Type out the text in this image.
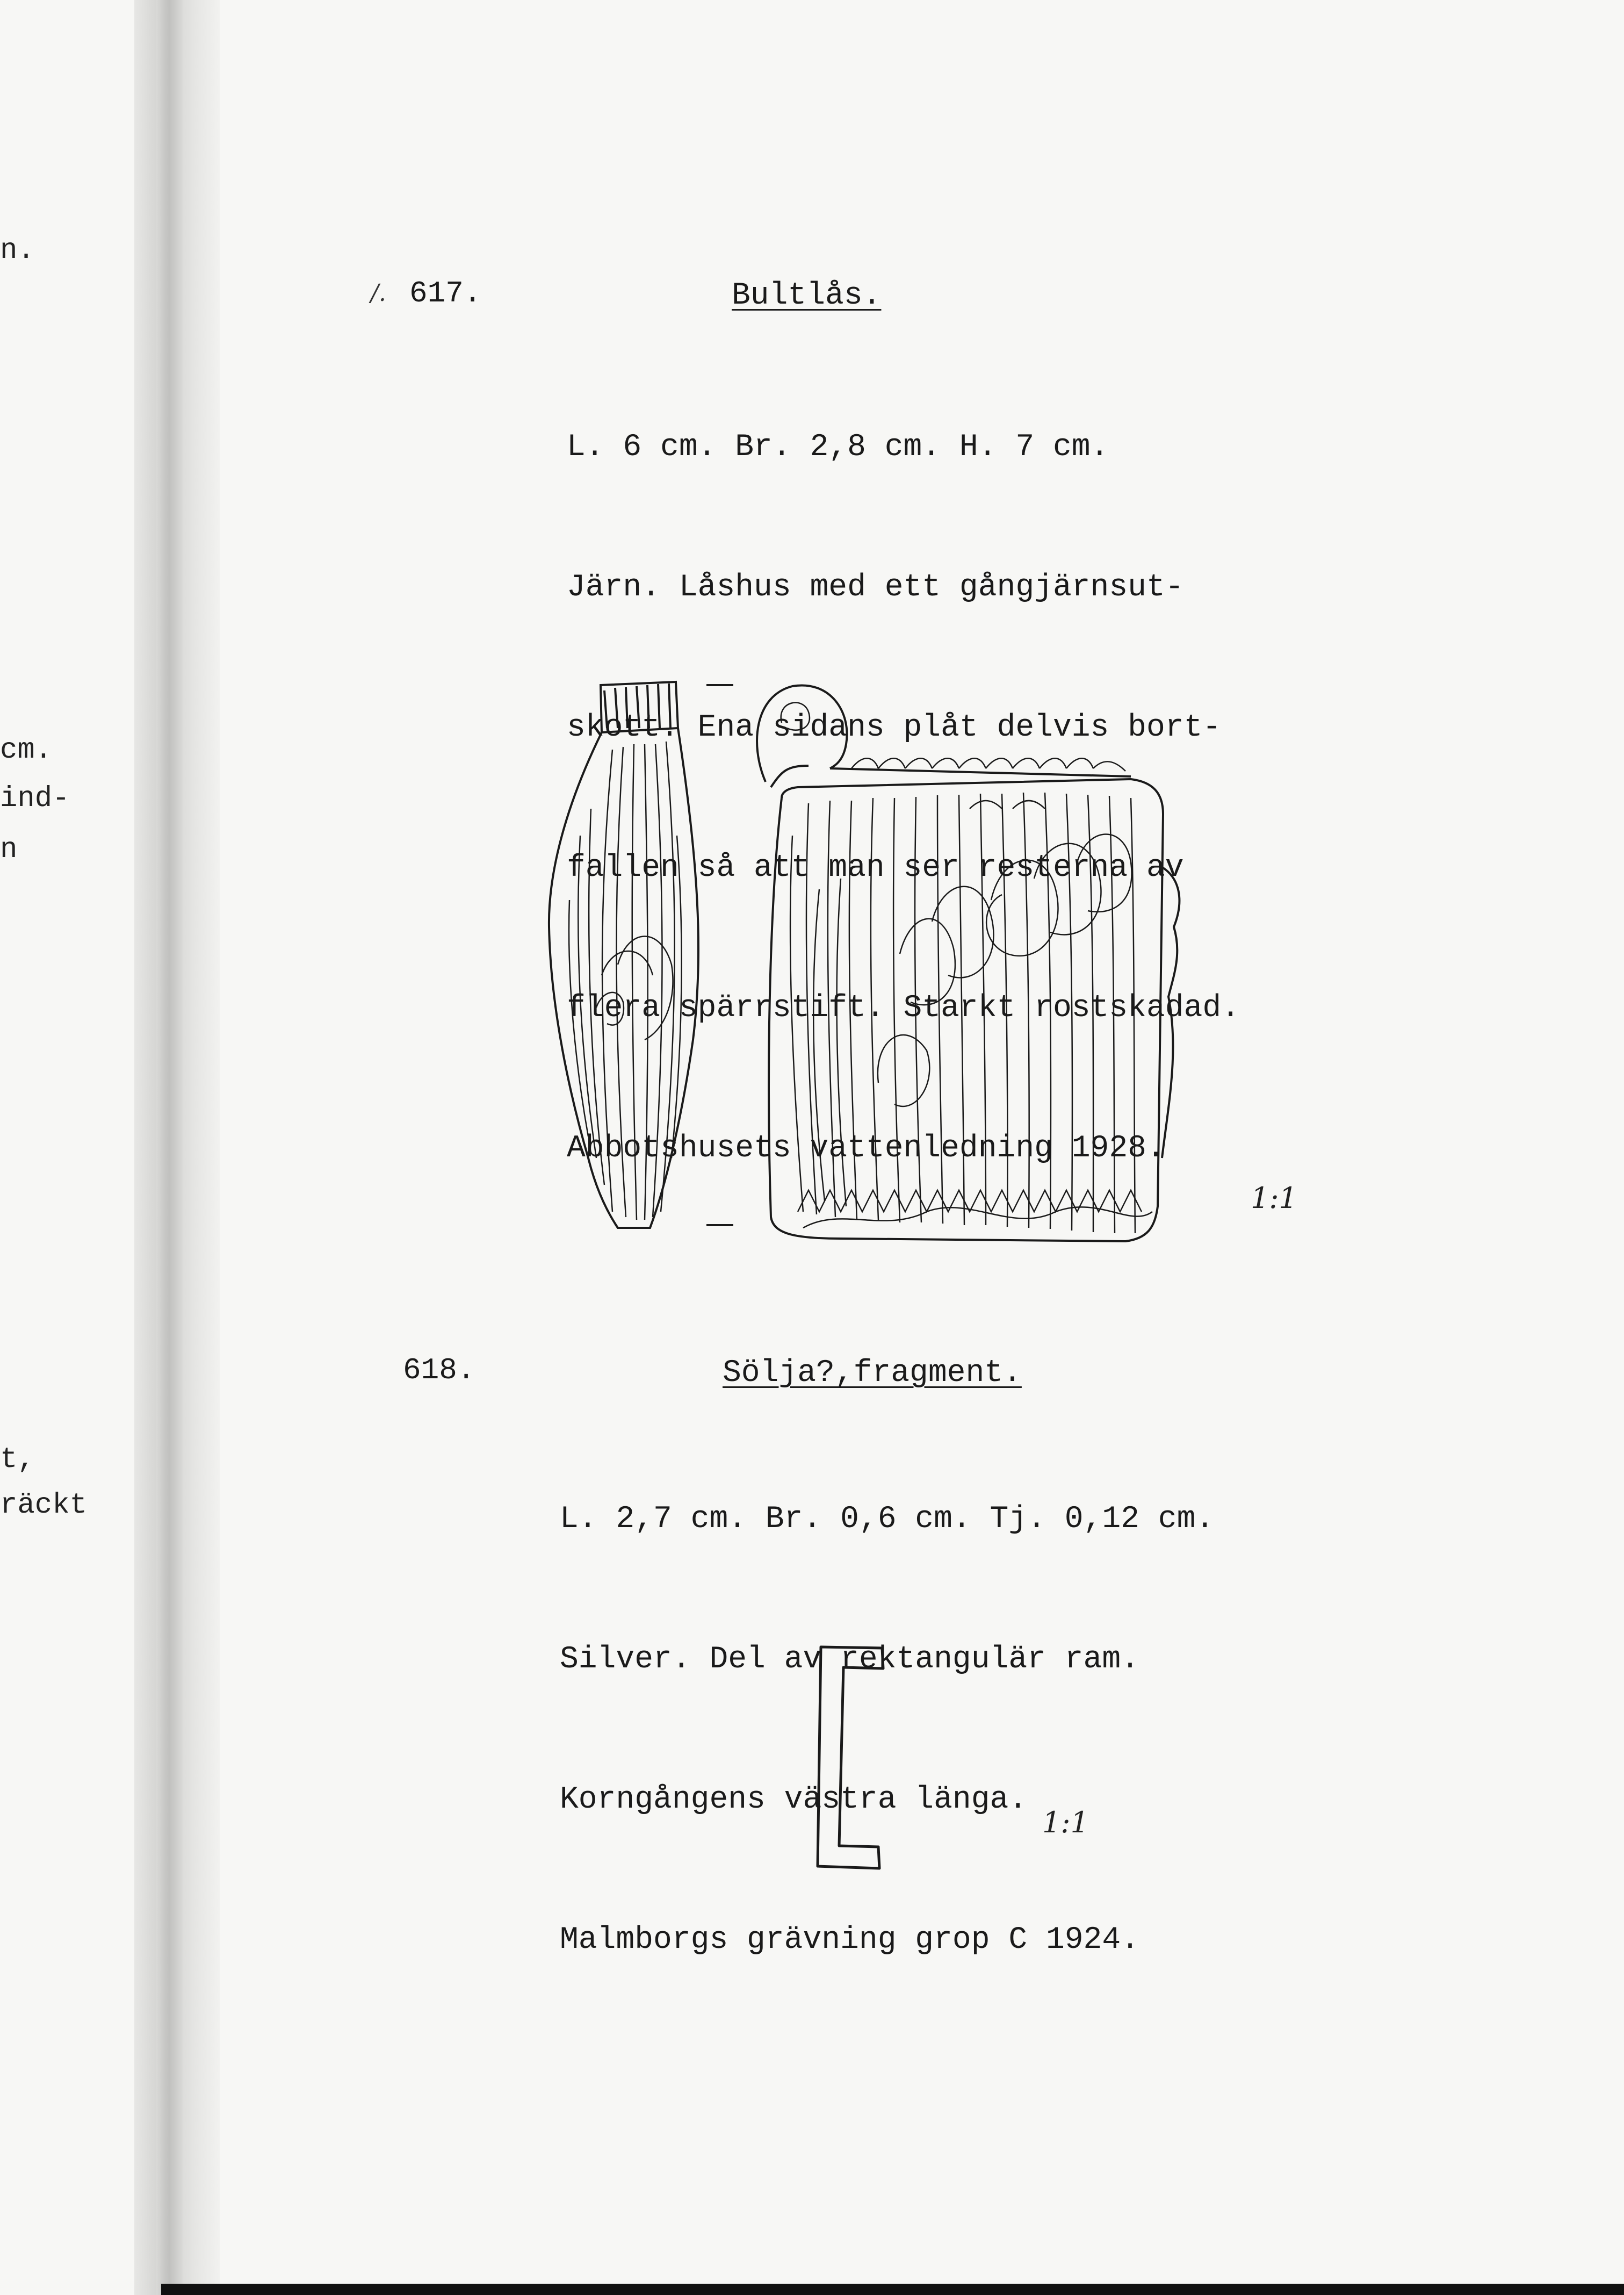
n.
cm.
ind-
n
t,
räckt
/. 617.	Bultlås.

L. 6 cm. Br. 2,8 cm. H. 7 cm.

Järn. Låshus med ett gångjärnsut-

skott. Ena sidans plåt delvis bort-

fallen så att man ser resterna av

flera spärrstift. Starkt rostskadad.

Abbotshusets vattenledning 1928.

1:1
618.	Sölja?,fragment.

L. 2,7 cm. Br. 0,6 cm. Tj. 0,12 cm.

Silver. Del av rektangulär ram.

Korngångens västra länga.

Malmborgs grävning grop C 1924.

1:1
